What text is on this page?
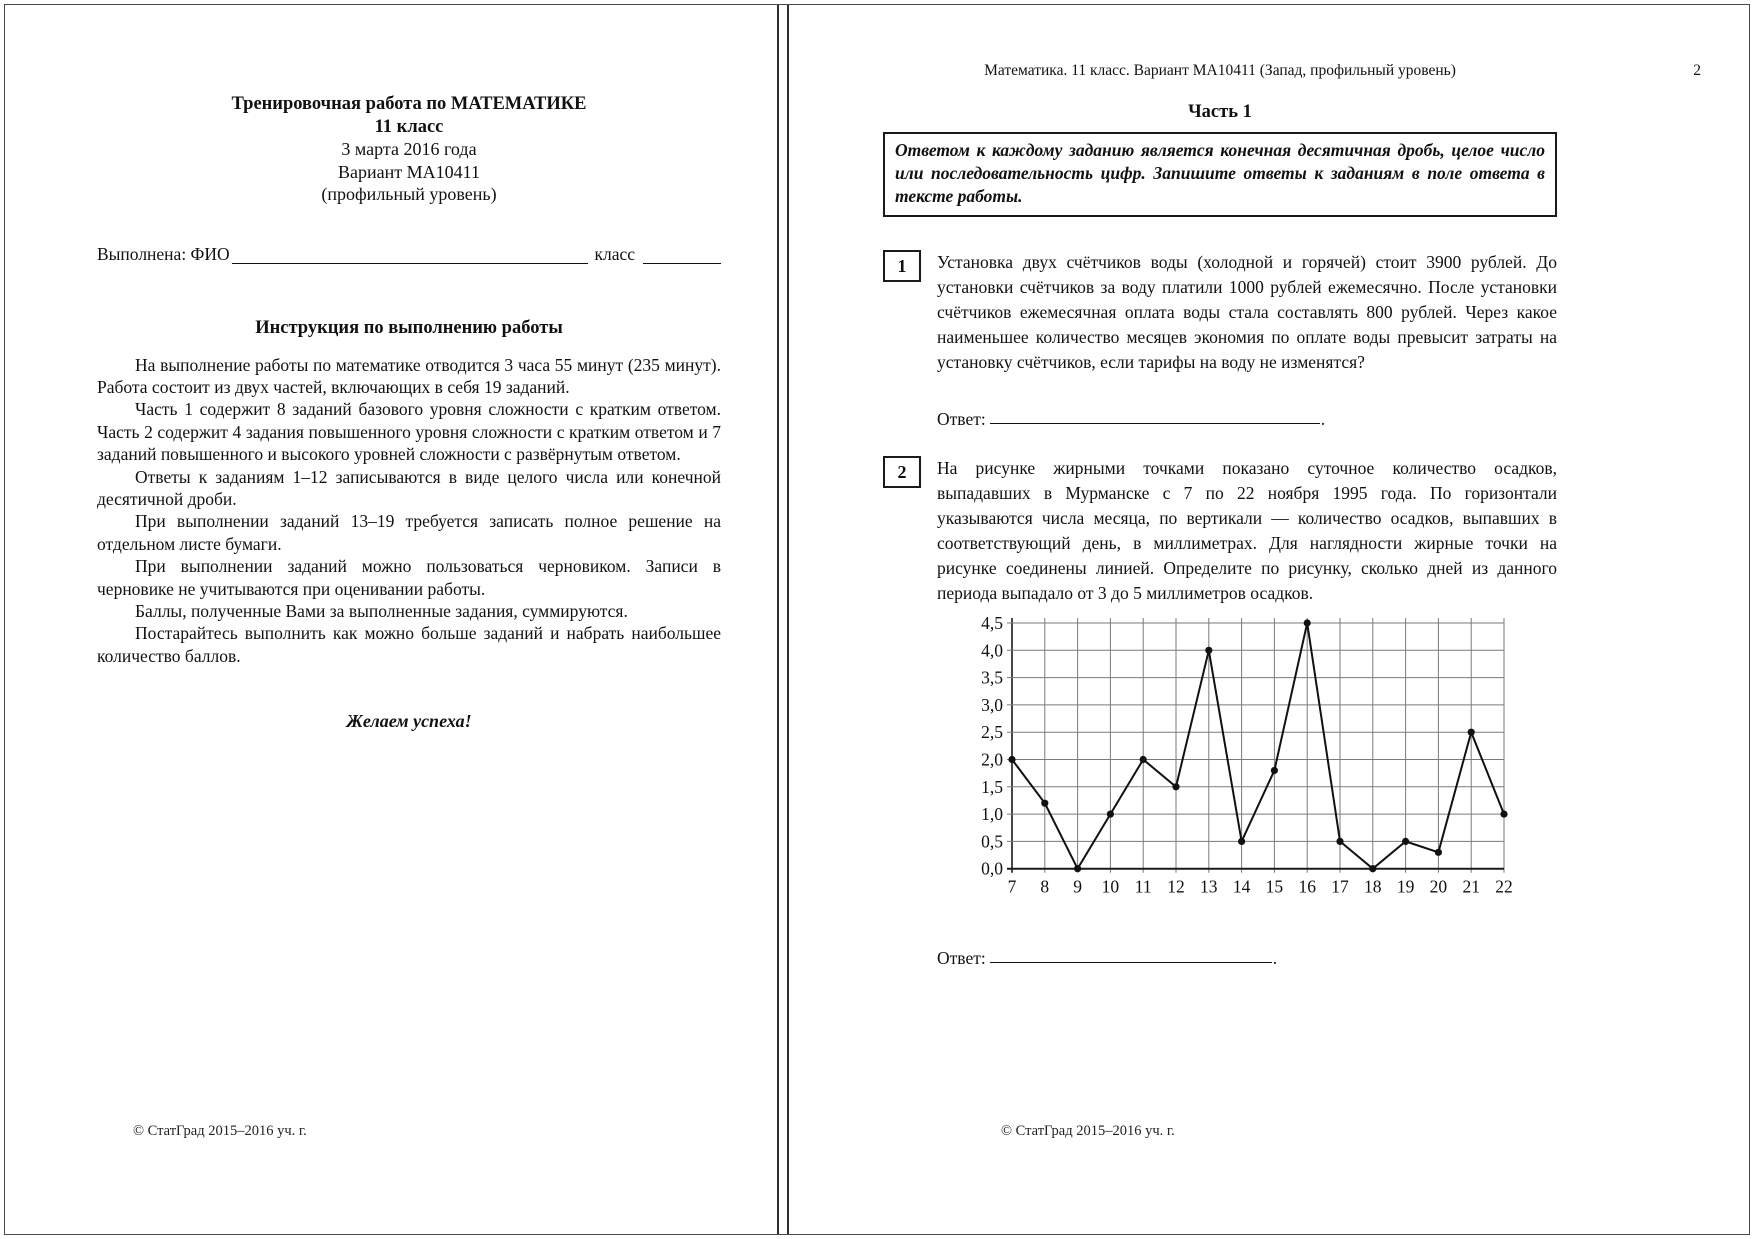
Тренировочная работа по МАТЕМАТИКЕ
11 класс
3 марта 2016 года
Вариант МА10411
(профильный уровень)
Выполнена: ФИО	класс
Инструкция по выполнению работы

На выполнение работы по математике отводится 3 часа 55 минут (235 минут). Работа состоит из двух частей, включающих в себя 19 заданий.

Часть 1 содержит 8 заданий базового уровня сложности с кратким ответом. Часть 2 содержит 4 задания повышенного уровня сложности с кратким ответом и 7 заданий повышенного и высокого уровней сложности с развёрнутым ответом.

Ответы к заданиям 1–12 записываются в виде целого числа или конечной десятичной дроби.

При выполнении заданий 13–19 требуется записать полное решение на отдельном листе бумаги.

При выполнении заданий можно пользоваться черновиком. Записи в черновике не учитываются при оценивании работы.

Баллы, полученные Вами за выполненные задания, суммируются.

Постарайтесь выполнить как можно больше заданий и набрать наибольшее количество баллов.

Желаем успеха!
© СтатГрад 2015–2016 уч. г.
Математика. 11 класс. Вариант МА10411 (Запад, профильный уровень)	2
Часть 1
Ответом к каждому заданию является конечная десятичная дробь, целое число или последовательность цифр. Запишите ответы к заданиям в поле ответа в тексте работы.
1	Установка двух счётчиков воды (холодной и горячей) стоит 3900 рублей. До установки счётчиков за воду платили 1000 рублей ежемесячно. После установки счётчиков ежемесячная оплата воды стала составлять 800 рублей. Через какое наименьшее количество месяцев экономия по оплате воды превысит затраты на установку счётчиков, если тарифы на воду не изменятся?

Ответ:	.
2	На рисунке жирными точками показано суточное количество осадков, выпадавших в Мурманске с 7 по 22 ноября 1995 года. По горизонтали указываются числа месяца, по вертикали — количество осадков, выпавших в соответствующий день, в миллиметрах. Для наглядности жирные точки на рисунке соединены линией. Определите по рисунку, сколько дней из данного периода выпадало от 3 до 5 миллиметров осадков.

0,0
0,5
1,0
1,5
2,0
2,5
3,0
3,5
4,0
4,5
7 8 9 10 11 12 13 14 15 16 17 18 19 20 21 22
Ответ:	.
© СтатГрад 2015–2016 уч. г.
